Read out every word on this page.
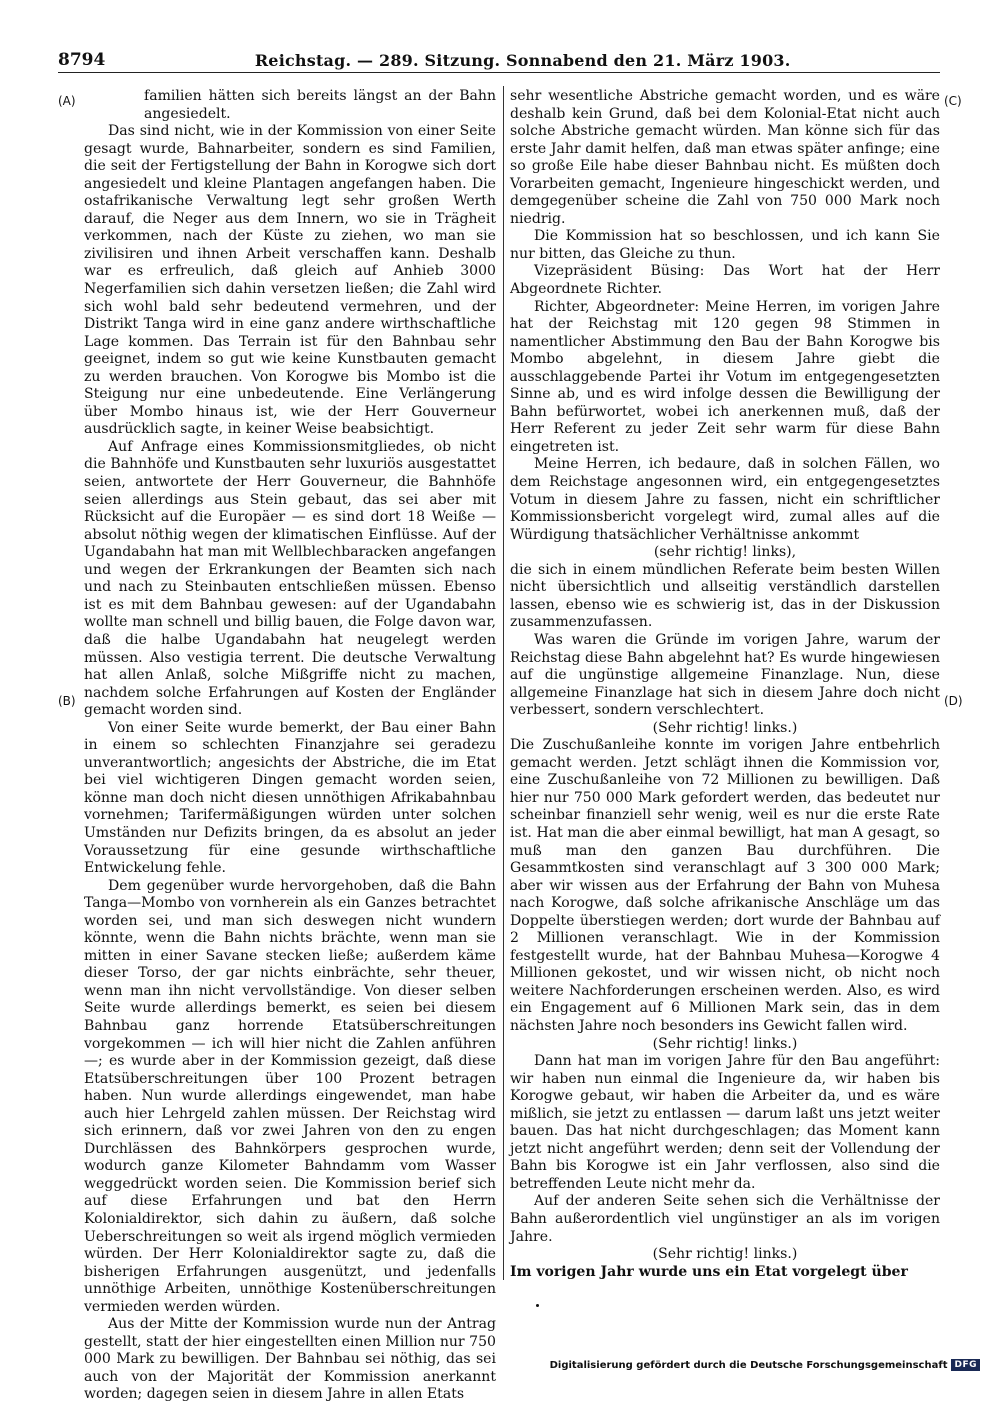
8794	Reichstag. — 289. Sitzung. Sonnabend den 21. März 1903.
(A)
(B)
(C)
(D)

familien hätten sich bereits längst an der Bahn angesiedelt.

Das sind nicht, wie in der Kommission von einer Seite gesagt wurde, Bahnarbeiter, sondern es sind Familien, die seit der Fertigstellung der Bahn in Korogwe sich dort angesiedelt und kleine Plantagen angefangen haben. Die ostafrikanische Verwaltung legt sehr großen Werth darauf, die Neger aus dem Innern, wo sie in Trägheit verkommen, nach der Küste zu ziehen, wo man sie zivilisiren und ihnen Arbeit verschaffen kann. Deshalb war es erfreulich, daß gleich auf Anhieb 3000 Negerfamilien sich dahin versetzen ließen; die Zahl wird sich wohl bald sehr bedeutend vermehren, und der Distrikt Tanga wird in eine ganz andere wirthschaftliche Lage kommen. Das Terrain ist für den Bahnbau sehr geeignet, indem so gut wie keine Kunstbauten gemacht zu werden brauchen. Von Korogwe bis Mombo ist die Steigung nur eine unbedeutende. Eine Verlängerung über Mombo hinaus ist, wie der Herr Gouverneur ausdrücklich sagte, in keiner Weise beabsichtigt.

Auf Anfrage eines Kommissionsmitgliedes, ob nicht die Bahnhöfe und Kunstbauten sehr luxuriös ausgestattet seien, antwortete der Herr Gouverneur, die Bahnhöfe seien allerdings aus Stein gebaut, das sei aber mit Rücksicht auf die Europäer — es sind dort 18 Weiße — absolut nöthig wegen der klimatischen Einflüsse. Auf der Ugandabahn hat man mit Wellblechbaracken angefangen und wegen der Erkrankungen der Beamten sich nach und nach zu Steinbauten entschließen müssen. Ebenso ist es mit dem Bahnbau gewesen: auf der Ugandabahn wollte man schnell und billig bauen, die Folge davon war, daß die halbe Ugandabahn hat neugelegt werden müssen. Also vestigia terrent. Die deutsche Verwaltung hat allen Anlaß, solche Mißgriffe nicht zu machen, nachdem solche Erfahrungen auf Kosten der Engländer gemacht worden sind.

Von einer Seite wurde bemerkt, der Bau einer Bahn in einem so schlechten Finanzjahre sei geradezu unverantwortlich; angesichts der Abstriche, die im Etat bei viel wichtigeren Dingen gemacht worden seien, könne man doch nicht diesen unnöthigen Afrikabahnbau vornehmen; Tarifermäßigungen würden unter solchen Umständen nur Defizits bringen, da es absolut an jeder Voraussetzung für eine gesunde wirthschaftliche Entwickelung fehle.

Dem gegenüber wurde hervorgehoben, daß die Bahn Tanga—Mombo von vornherein als ein Ganzes betrachtet worden sei, und man sich deswegen nicht wundern könnte, wenn die Bahn nichts brächte, wenn man sie mitten in einer Savane stecken ließe; außerdem käme dieser Torso, der gar nichts einbrächte, sehr theuer, wenn man ihn nicht vervollständige. Von dieser selben Seite wurde allerdings bemerkt, es seien bei diesem Bahnbau ganz horrende Etatsüberschreitungen vorgekommen — ich will hier nicht die Zahlen anführen —; es wurde aber in der Kommission gezeigt, daß diese Etatsüberschreitungen über 100 Prozent betragen haben. Nun wurde allerdings eingewendet, man habe auch hier Lehrgeld zahlen müssen. Der Reichstag wird sich erinnern, daß vor zwei Jahren von den zu engen Durchlässen des Bahnkörpers gesprochen wurde, wodurch ganze Kilometer Bahndamm vom Wasser weggedrückt worden seien. Die Kommission berief sich auf diese Erfahrungen und bat den Herrn Kolonialdirektor, sich dahin zu äußern, daß solche Ueberschreitungen so weit als irgend möglich vermieden würden. Der Herr Kolonialdirektor sagte zu, daß die bisherigen Erfahrungen ausgenützt, und jedenfalls unnöthige Arbeiten, unnöthige Kostenüberschreitungen vermieden werden würden.

Aus der Mitte der Kommission wurde nun der Antrag gestellt, statt der hier eingestellten einen Million nur 750 000 Mark zu bewilligen. Der Bahnbau sei nöthig, das sei auch von der Majorität der Kommission anerkannt worden; dagegen seien in diesem Jahre in allen Etats

sehr wesentliche Abstriche gemacht worden, und es wäre deshalb kein Grund, daß bei dem Kolonial-Etat nicht auch solche Abstriche gemacht würden. Man könne sich für das erste Jahr damit helfen, daß man etwas später anfinge; eine so große Eile habe dieser Bahnbau nicht. Es müßten doch Vorarbeiten gemacht, Ingenieure hingeschickt werden, und demgegenüber scheine die Zahl von 750 000 Mark noch niedrig.

Die Kommission hat so beschlossen, und ich kann Sie nur bitten, das Gleiche zu thun.

Vizepräsident Büsing: Das Wort hat der Herr Abgeordnete Richter.

Richter, Abgeordneter: Meine Herren, im vorigen Jahre hat der Reichstag mit 120 gegen 98 Stimmen in namentlicher Abstimmung den Bau der Bahn Korogwe bis Mombo abgelehnt, in diesem Jahre giebt die ausschlaggebende Partei ihr Votum im entgegengesetzten Sinne ab, und es wird infolge dessen die Bewilligung der Bahn befürwortet, wobei ich anerkennen muß, daß der Herr Referent zu jeder Zeit sehr warm für diese Bahn eingetreten ist.

Meine Herren, ich bedaure, daß in solchen Fällen, wo dem Reichstage angesonnen wird, ein entgegengesetztes Votum in diesem Jahre zu fassen, nicht ein schriftlicher Kommissionsbericht vorgelegt wird, zumal alles auf die Würdigung thatsächlicher Verhältnisse ankommt

(sehr richtig! links),

die sich in einem mündlichen Referate beim besten Willen nicht übersichtlich und allseitig verständlich darstellen lassen, ebenso wie es schwierig ist, das in der Diskussion zusammenzufassen.

Was waren die Gründe im vorigen Jahre, warum der Reichstag diese Bahn abgelehnt hat? Es wurde hingewiesen auf die ungünstige allgemeine Finanzlage. Nun, diese allgemeine Finanzlage hat sich in diesem Jahre doch nicht verbessert, sondern verschlechtert.

(Sehr richtig! links.)

Die Zuschußanleihe konnte im vorigen Jahre entbehrlich gemacht werden. Jetzt schlägt ihnen die Kommission vor, eine Zuschußanleihe von 72 Millionen zu bewilligen. Daß hier nur 750 000 Mark gefordert werden, das bedeutet nur scheinbar finanziell sehr wenig, weil es nur die erste Rate ist. Hat man die aber einmal bewilligt, hat man A gesagt, so muß man den ganzen Bau durchführen. Die Gesammtkosten sind veranschlagt auf 3 300 000 Mark; aber wir wissen aus der Erfahrung der Bahn von Muhesa nach Korogwe, daß solche afrikanische Anschläge um das Doppelte überstiegen werden; dort wurde der Bahnbau auf 2 Millionen veranschlagt. Wie in der Kommission festgestellt wurde, hat der Bahnbau Muhesa—Korogwe 4 Millionen gekostet, und wir wissen nicht, ob nicht noch weitere Nachforderungen erscheinen werden. Also, es wird ein Engagement auf 6 Millionen Mark sein, das in dem nächsten Jahre noch besonders ins Gewicht fallen wird.

(Sehr richtig! links.)

Dann hat man im vorigen Jahre für den Bau angeführt: wir haben nun einmal die Ingenieure da, wir haben bis Korogwe gebaut, wir haben die Arbeiter da, und es wäre mißlich, sie jetzt zu entlassen — darum laßt uns jetzt weiter bauen. Das hat nicht durchgeschlagen; das Moment kann jetzt nicht angeführt werden; denn seit der Vollendung der Bahn bis Korogwe ist ein Jahr verflossen, also sind die betreffenden Leute nicht mehr da.

Auf der anderen Seite sehen sich die Verhältnisse der Bahn außerordentlich viel ungünstiger an als im vorigen Jahre.

(Sehr richtig! links.)

Im vorigen Jahr wurde uns ein Etat vorgelegt über

Digitalisierung gefördert durch die Deutsche Forschungsgemeinschaft DFG
